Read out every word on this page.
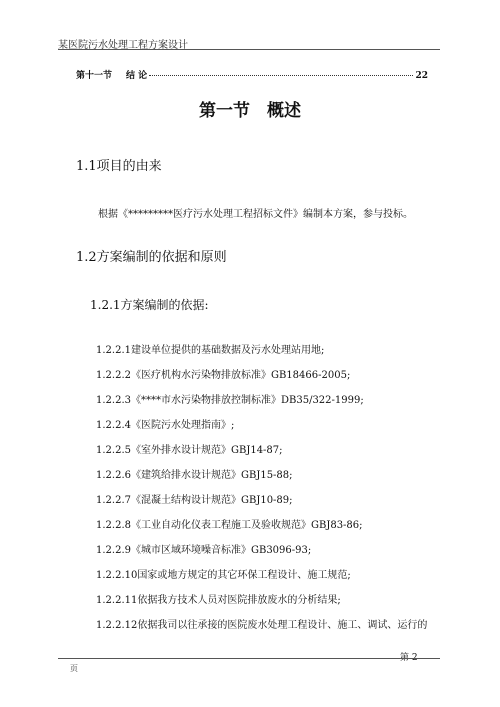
某医院污水处理工程方案设计
第十一节 结 论	22
第一节　概述
1.1项目的由来
根据《*********医疗污水处理工程招标文件》编制本方案，参与投标。
1.2方案编制的依据和原则
1.2.1方案编制的依据:
1.2.2.1建设单位提供的基础数据及污水处理站用地;
1.2.2.2《医疗机构水污染物排放标准》GB18466-2005;
1.2.2.3《****市水污染物排放控制标准》DB35/322-1999;
1.2.2.4《医院污水处理指南》;
1.2.2.5《室外排水设计规范》GBJ14-87;
1.2.2.6《建筑给排水设计规范》GBJ15-88;
1.2.2.7《混凝土结构设计规范》GBJ10-89;
1.2.2.8《工业自动化仪表工程施工及验收规范》GBJ83-86;
1.2.2.9《城市区域环境噪音标准》GB3096-93;
1.2.2.10国家或地方规定的其它环保工程设计、施工规范;
1.2.2.11依据我方技术人员对医院排放废水的分析结果;
1.2.2.12依据我司以往承接的医院废水处理工程设计、施工、调试、运行的
第 2
页
